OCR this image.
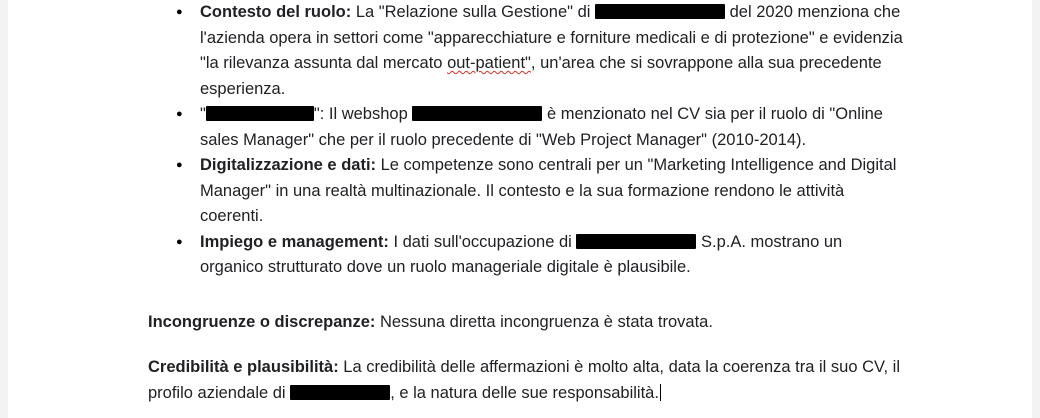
● Contesto del ruolo: La "Relazione sulla Gestione" di	del 2020 menziona che l'azienda opera in settori come "apparecchiature e forniture medicali e di protezione" e evidenzia "la rilevanza assunta dal mercato out-patient", un'area che si sovrappone alla sua precedente esperienza.
● "	": Il webshop	è menzionato nel CV sia per il ruolo di "Online sales Manager" che per il ruolo precedente di "Web Project Manager" (2010-2014).
● Digitalizzazione e dati: Le competenze sono centrali per un "Marketing Intelligence and Digital Manager" in una realtà multinazionale. Il contesto e la sua formazione rendono le attività coerenti.
● Impiego e management: I dati sull'occupazione di	S.p.A. mostrano un organico strutturato dove un ruolo manageriale digitale è plausibile.
Incongruenze o discrepanze: Nessuna diretta incongruenza è stata trovata.
Credibilità e plausibilità: La credibilità delle affermazioni è molto alta, data la coerenza tra il suo CV, il profilo aziendale di	, e la natura delle sue responsabilità.
